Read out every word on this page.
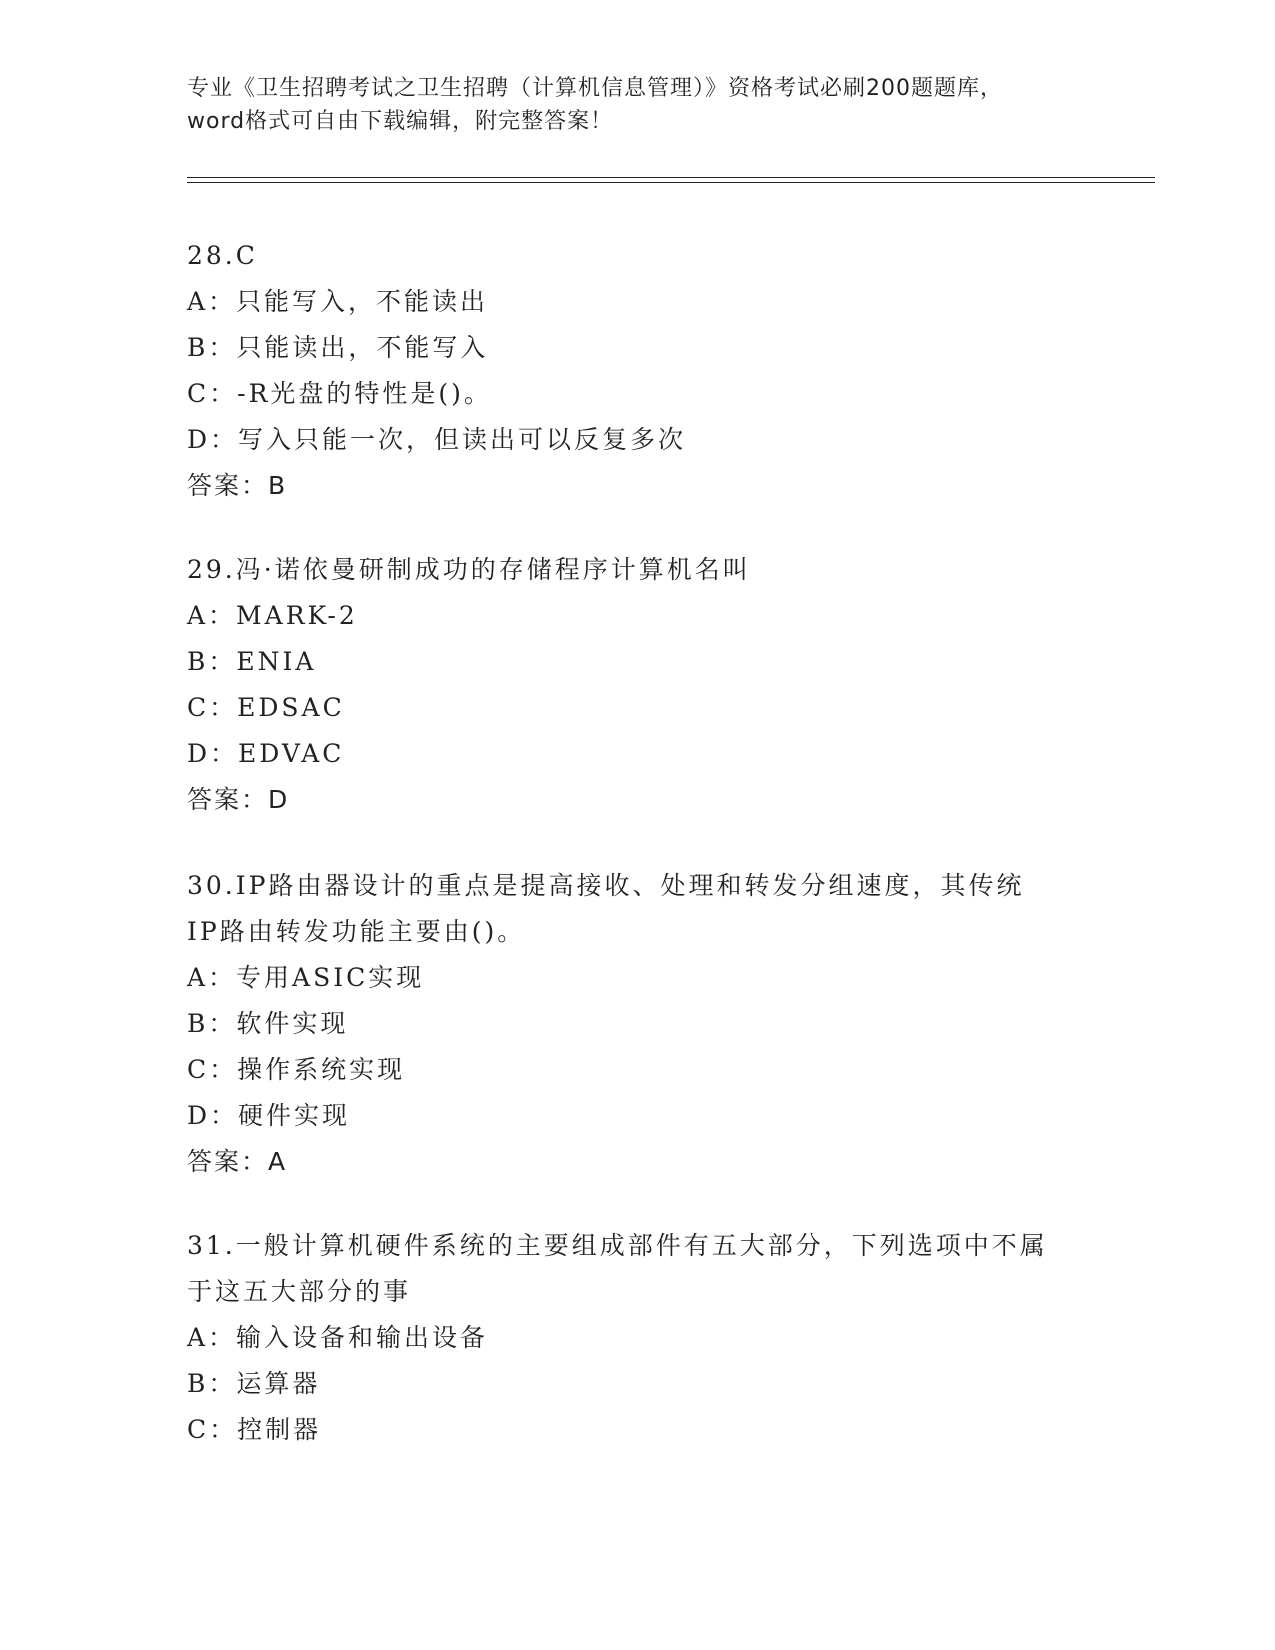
专业《卫生招聘考试之卫生招聘（计算机信息管理）》资格考试必刷200题题库，
word格式可自由下载编辑，附完整答案！
28.C
A：只能写入，不能读出
B：只能读出，不能写入
C：-R光盘的特性是()。
D：写入只能一次，但读出可以反复多次
答案：B
29.冯·诺依曼研制成功的存储程序计算机名叫
A：MARK-2
B：ENIA
C：EDSAC
D：EDVAC
答案：D
30.IP路由器设计的重点是提高接收、处理和转发分组速度，其传统
IP路由转发功能主要由()。
A：专用ASIC实现
B：软件实现
C：操作系统实现
D：硬件实现
答案：A
31.一般计算机硬件系统的主要组成部件有五大部分，下列选项中不属
于这五大部分的事
A：输入设备和输出设备
B：运算器
C：控制器
